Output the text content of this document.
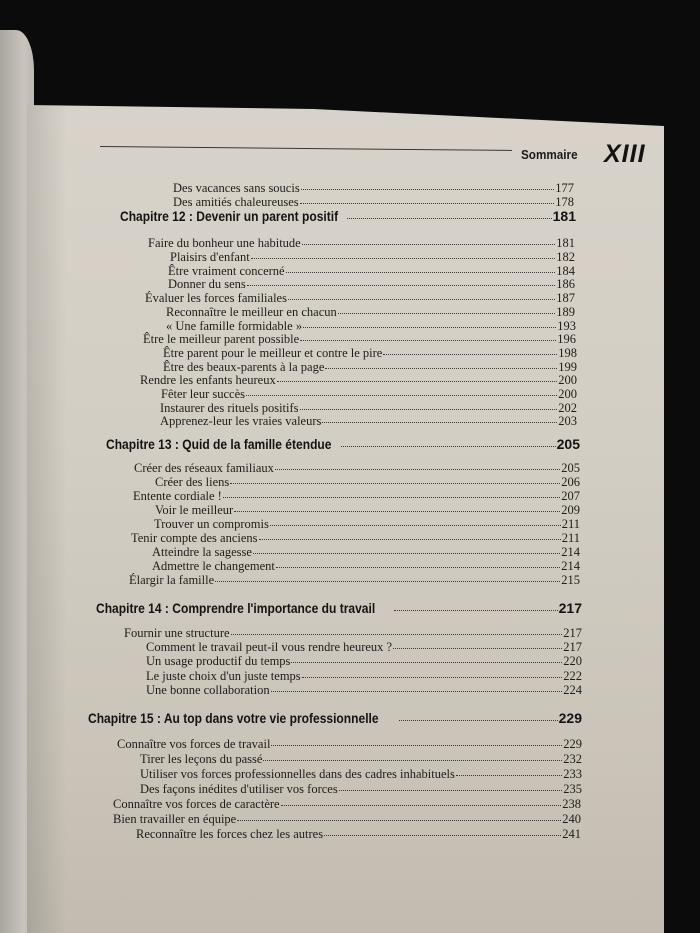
Sommaire XIII
Des vacances sans soucis	177
Des amitiés chaleureuses	178
Chapitre 12 : Devenir un parent positif	181
Faire du bonheur une habitude	181
Plaisirs d'enfant	182
Être vraiment concerné	184
Donner du sens	186
Évaluer les forces familiales	187
Reconnaître le meilleur en chacun	189
« Une famille formidable »	193
Être le meilleur parent possible	196
Être parent pour le meilleur et contre le pire	198
Être des beaux-parents à la page	199
Rendre les enfants heureux	200
Fêter leur succès	200
Instaurer des rituels positifs	202
Apprenez-leur les vraies valeurs	203
Chapitre 13 : Quid de la famille étendue	205
Créer des réseaux familiaux	205
Créer des liens	206
Entente cordiale !	207
Voir le meilleur	209
Trouver un compromis	211
Tenir compte des anciens	211
Atteindre la sagesse	214
Admettre le changement	214
Élargir la famille	215
Chapitre 14 : Comprendre l'importance du travail	217
Fournir une structure	217
Comment le travail peut-il vous rendre heureux ?	217
Un usage productif du temps	220
Le juste choix d'un juste temps	222
Une bonne collaboration	224
Chapitre 15 : Au top dans votre vie professionnelle	229
Connaître vos forces de travail	229
Tirer les leçons du passé	232
Utiliser vos forces professionnelles dans des cadres inhabituels	233
Des façons inédites d'utiliser vos forces	235
Connaître vos forces de caractère	238
Bien travailler en équipe	240
Reconnaître les forces chez les autres	241
